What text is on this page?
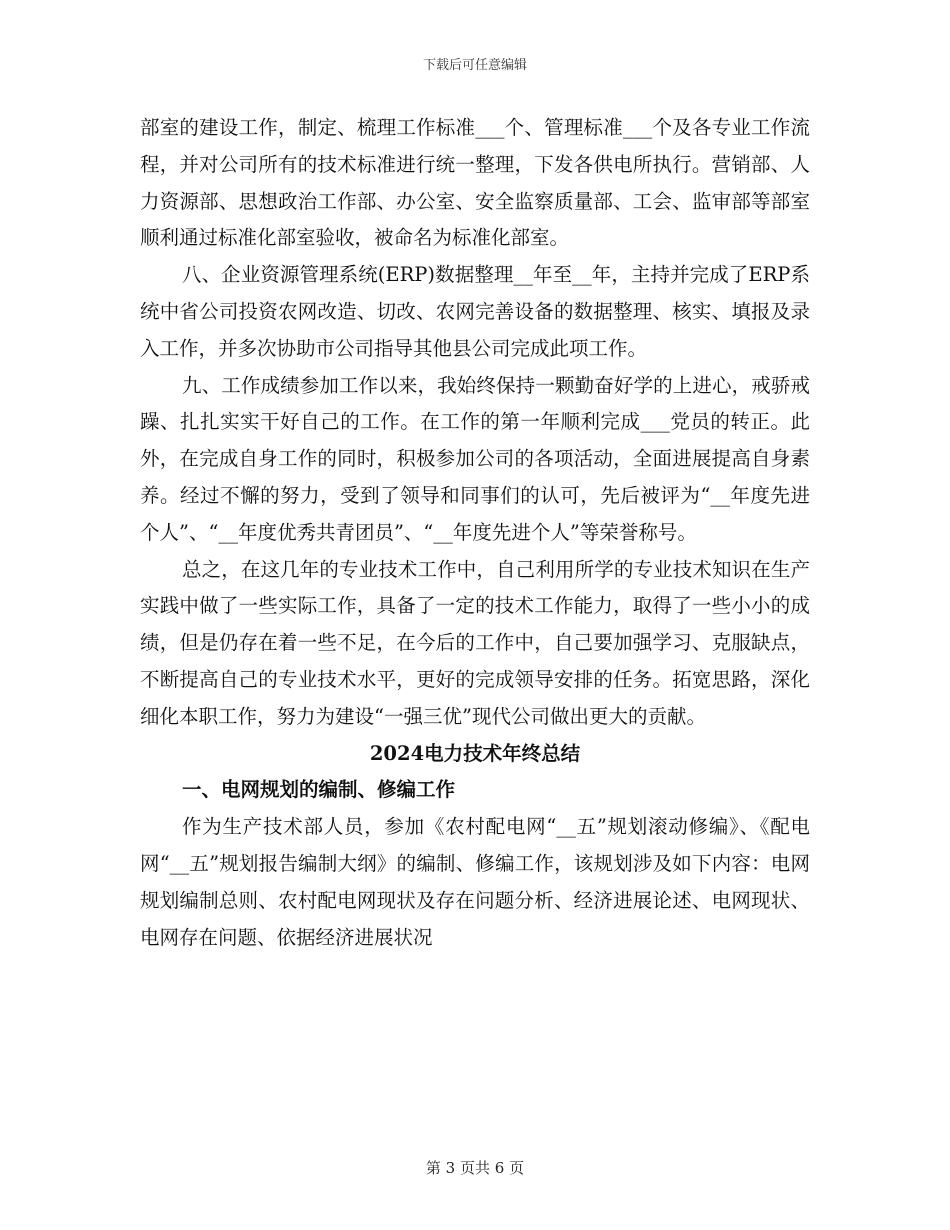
下载后可任意编辑

部室的建设工作，制定、梳理工作标准___个、管理标准___个及各专业工作流程，并对公司所有的技术标准进行统一整理，下发各供电所执行。营销部、人力资源部、思想政治工作部、办公室、安全监察质量部、工会、监审部等部室顺利通过标准化部室验收，被命名为标准化部室。

八、企业资源管理系统(ERP)数据整理__年至__年，主持并完成了ERP系统中省公司投资农网改造、切改、农网完善设备的数据整理、核实、填报及录入工作，并多次协助市公司指导其他县公司完成此项工作。

九、工作成绩参加工作以来，我始终保持一颗勤奋好学的上进心，戒骄戒躁、扎扎实实干好自己的工作。在工作的第一年顺利完成___党员的转正。此外，在完成自身工作的同时，积极参加公司的各项活动，全面进展提高自身素养。经过不懈的努力，受到了领导和同事们的认可，先后被评为“__年度先进个人”、“__年度优秀共青团员”、“__年度先进个人”等荣誉称号。

总之，在这几年的专业技术工作中，自己利用所学的专业技术知识在生产实践中做了一些实际工作，具备了一定的技术工作能力，取得了一些小小的成绩，但是仍存在着一些不足，在今后的工作中，自己要加强学习、克服缺点，不断提高自己的专业技术水平，更好的完成领导安排的任务。拓宽思路，深化细化本职工作，努力为建设“一强三优”现代公司做出更大的贡献。

2024电力技术年终总结

一、电网规划的编制、修编工作

作为生产技术部人员，参加《农村配电网“__五”规划滚动修编》、《配电网“__五”规划报告编制大纲》的编制、修编工作，该规划涉及如下内容：电网规划编制总则、农村配电网现状及存在问题分析、经济进展论述、电网现状、电网存在问题、依据经济进展状况

第 3 页共 6 页
